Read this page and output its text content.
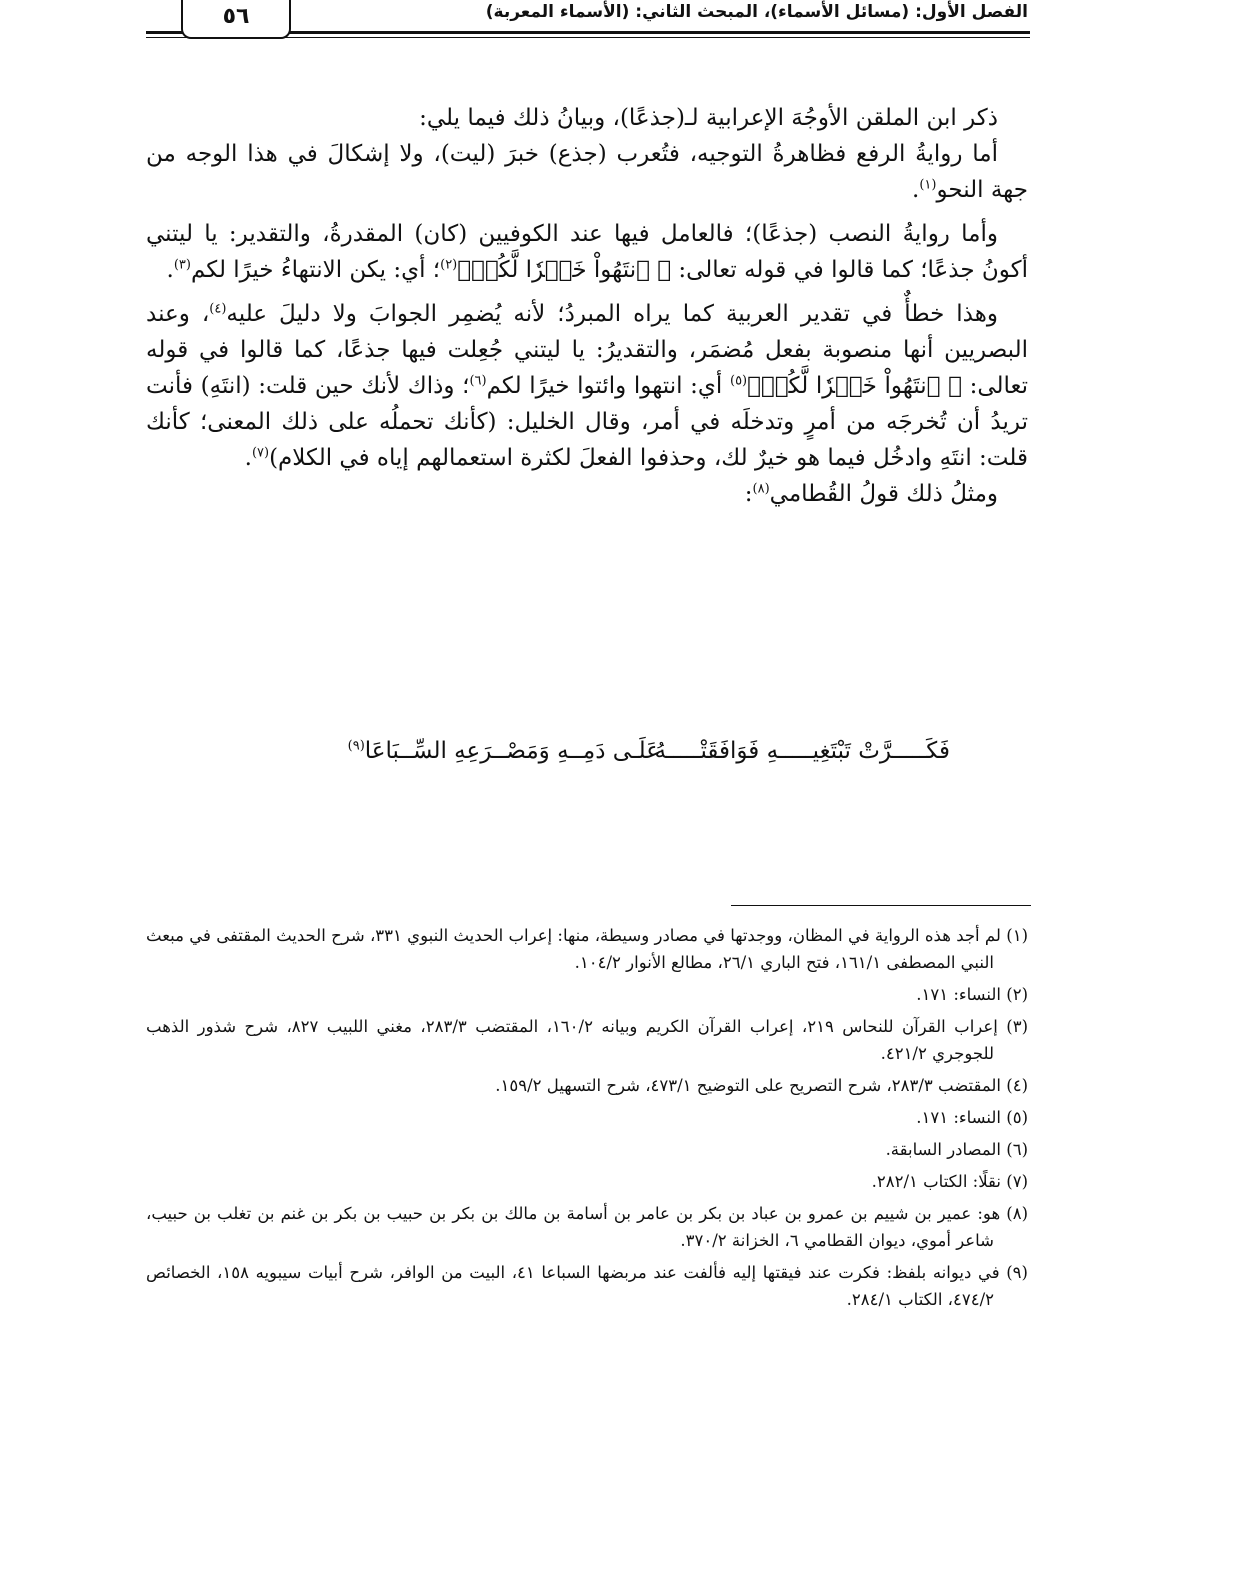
الفصل الأول: (مسائل الأسماء)، المبحث الثاني: (الأسماء المعربة)
٥٦

ذكر ابن الملقن الأوجُهَ الإعرابية لـ(جذعًا)، وبيانُ ذلك فيما يلي:

أما روايةُ الرفع فظاهرةُ التوجيه، فتُعرب (جذع) خبرَ (ليت)، ولا إشكالَ في هذا الوجه من جهة النحو$^{(١)}$.

وأما روايةُ النصب (جذعًا)؛ فالعامل فيها عند الكوفيين (كان) المقدرةُ، والتقدير: يا ليتني أكونُ جذعًا؛ كما قالوا في قوله تعالى: ﴿ ٱنتَهُواْ خَيۡرٗا لَّكُمۡ﴾$^{(٢)}$؛ أي: يكن الانتهاءُ خيرًا لكم$^{(٣)}$.

وهذا خطأٌ في تقدير العربية كما يراه المبردُ؛ لأنه يُضمِر الجوابَ ولا دليلَ عليه$^{(٤)}$، وعند البصريين أنها منصوبة بفعل مُضمَر، والتقديرُ: يا ليتني جُعِلت فيها جذعًا، كما قالوا في قوله تعالى: ﴿ ٱنتَهُواْ خَيۡرٗا لَّكُمۡ﴾$^{(٥)}$ أي: انتهوا وائتوا خيرًا لكم$^{(٦)}$؛ وذاك لأنك حين قلت: (انتَهِ) فأنت تريدُ أن تُخرجَه من أمرٍ وتدخلَه في أمر، وقال الخليل: (كأنك تحملُه على ذلك المعنى؛ كأنك قلت: انتَهِ وادخُل فيما هو خيرٌ لك، وحذفوا الفعلَ لكثرة استعمالهم إياه في الكلام)$^{(٧)}$.

ومثلُ ذلك قولُ القُطامي$^{(٨)}$:

فَكَـــــرَّتْ تَبْتَغِيـــــهِ فَوَافَقَتْـــــهُ
عَلَـى دَمِــهِ وَمَصْــرَعِهِ السِّــبَاعَا$^{(٩)}$
(١) لم أجد هذه الرواية في المظان، ووجدتها في مصادر وسيطة، منها: إعراب الحديث النبوي ٣٣١، شرح الحديث المقتفى في مبعث النبي المصطفى ١٦١/١، فتح الباري ٢٦/١، مطالع الأنوار ١٠٤/٢.
(٢) النساء: ١٧١.
(٣) إعراب القرآن للنحاس ٢١٩، إعراب القرآن الكريم وبيانه ١٦٠/٢، المقتضب ٢٨٣/٣، مغني اللبيب ٨٢٧، شرح شذور الذهب للجوجري ٤٢١/٢.
(٤) المقتضب ٢٨٣/٣، شرح التصريح على التوضيح ٤٧٣/١، شرح التسهيل ١٥٩/٢.
(٥) النساء: ١٧١.
(٦) المصادر السابقة.
(٧) نقلًا: الكتاب ٢٨٢/١.
(٨) هو: عمير بن شييم بن عمرو بن عباد بن بكر بن عامر بن أسامة بن مالك بن بكر بن حبيب بن بكر بن غنم بن تغلب بن حبيب، شاعر أموي، ديوان القطامي ٦، الخزانة ٣٧٠/٢.
(٩) في ديوانه بلفظ: فكرت عند فيقتها إليه فألفت عند مربضها السباعا ٤١، البيت من الوافر، شرح أبيات سيبويه ١٥٨، الخصائص ٤٧٤/٢، الكتاب ٢٨٤/١.
